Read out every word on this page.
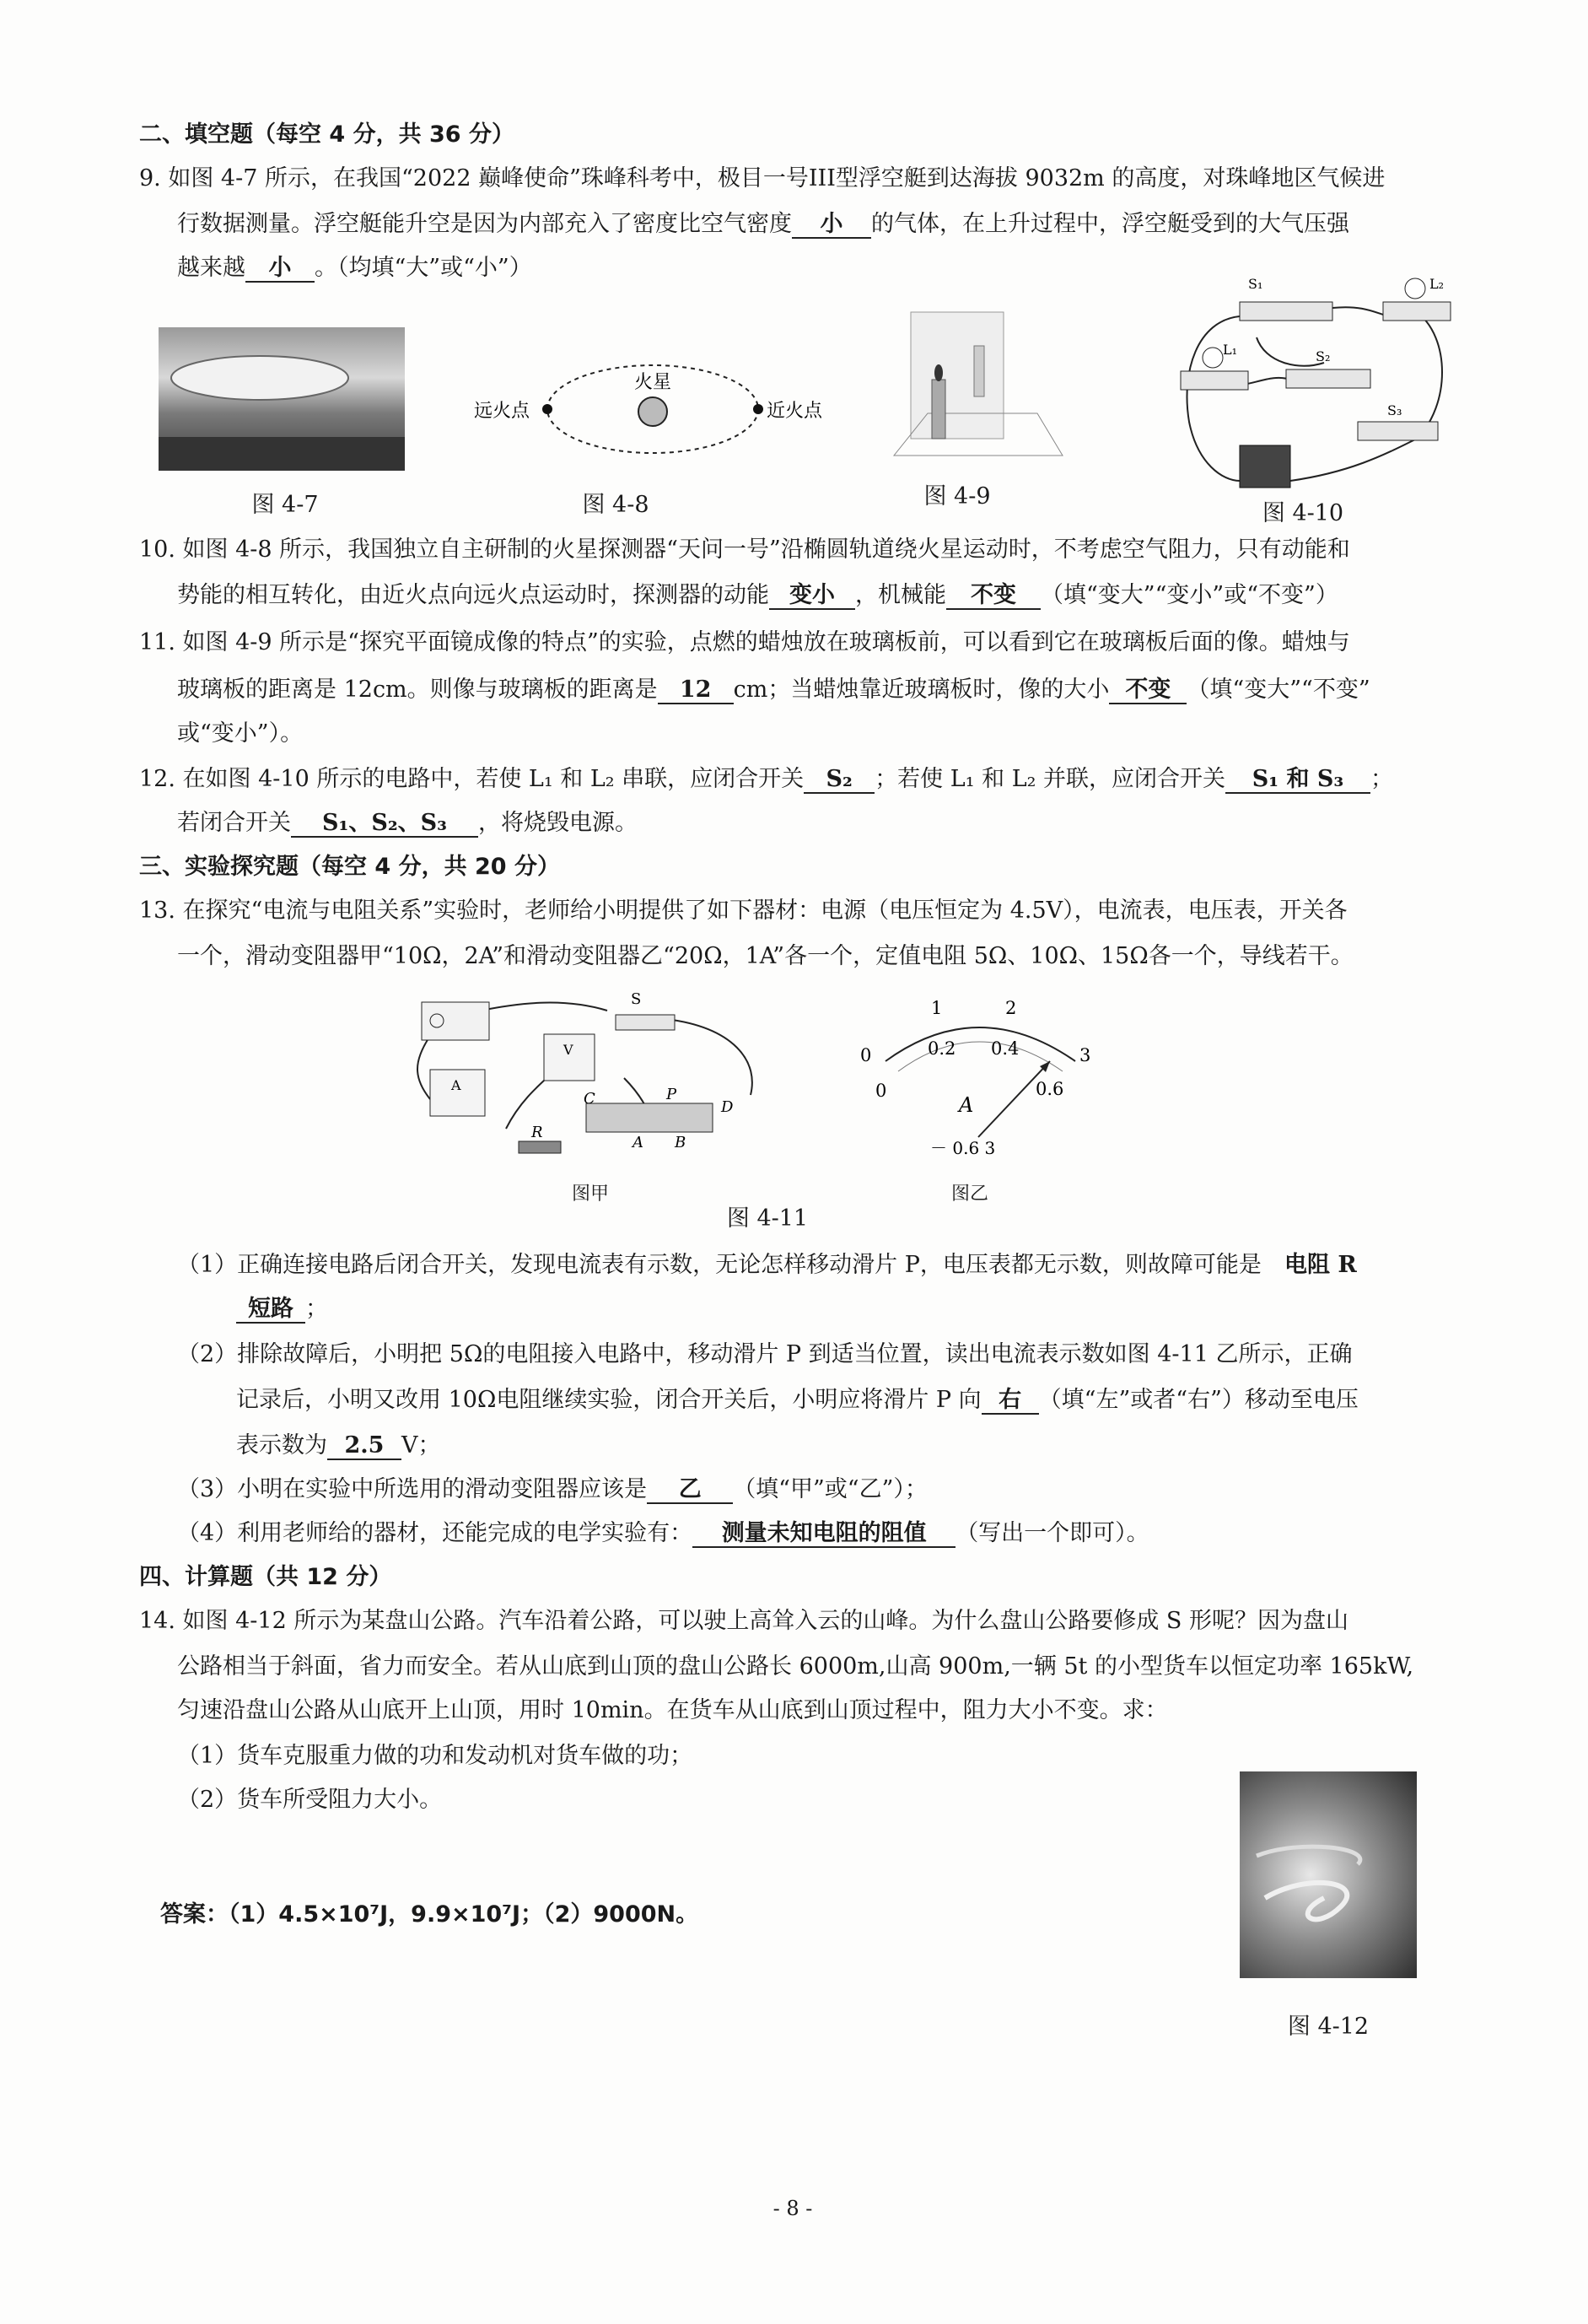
二、填空题（每空 4 分，共 36 分）
9. 如图 4-7 所示，在我国“2022 巅峰使命”珠峰科考中，极目一号III型浮空艇到达海拔 9032m 的高度，对珠峰地区气候进
行数据测量。浮空艇能升空是因为内部充入了密度比空气密度 小 的气体，在上升过程中，浮空艇受到的大气压强
越来越 小 。（均填“大”或“小”）
图 4-7
远火点	近火点
火星
图 4-8	图 4-9
S₁	L₂
L₁	S₂
S₃
图 4-10
10. 如图 4-8 所示，我国独立自主研制的火星探测器“天问一号”沿椭圆轨道绕火星运动时，不考虑空气阻力，只有动能和
势能的相互转化，由近火点向远火点运动时，探测器的动能 变小 ，机械能 不变 （填“变大”“变小”或“不变”）
11. 如图 4-9 所示是“探究平面镜成像的特点”的实验，点燃的蜡烛放在玻璃板前，可以看到它在玻璃板后面的像。蜡烛与
玻璃板的距离是 12cm。则像与玻璃板的距离是 12 cm；当蜡烛靠近玻璃板时，像的大小 不变 （填“变大”“不变”
或“变小”）。
12. 在如图 4-10 所示的电路中，若使 L₁ 和 L₂ 串联，应闭合开关 S₂ ；若使 L₁ 和 L₂ 并联，应闭合开关 S₁ 和 S₃ ；
若闭合开关 S₁、S₂、S₃ ，将烧毁电源。
三、实验探究题（每空 4 分，共 20 分）
13. 在探究“电流与电阻关系”实验时，老师给小明提供了如下器材：电源（电压恒定为 4.5V），电流表，电压表，开关各
一个，滑动变阻器甲“10Ω，2A”和滑动变阻器乙“20Ω，1A”各一个，定值电阻 5Ω、10Ω、15Ω各一个，导线若干。
S
P
C	D
A B
R
V
A
图甲
1	2
0	3
0
0.2 0.4
0.6
A
－ 0.6 3
图乙
图 4-11
（1）正确连接电路后闭合开关，发现电流表有示数，无论怎样移动滑片 P，电压表都无示数，则故障可能是 电阻 R
短路 ；
（2）排除故障后，小明把 5Ω的电阻接入电路中，移动滑片 P 到适当位置，读出电流表示数如图 4-11 乙所示，正确
记录后，小明又改用 10Ω电阻继续实验，闭合开关后，小明应将滑片 P 向 右 （填“左”或者“右”）移动至电压
表示数为 2.5 V；
（3）小明在实验中所选用的滑动变阻器应该是 乙 （填“甲”或“乙”）；
（4）利用老师给的器材，还能完成的电学实验有： 测量未知电阻的阻值 （写出一个即可）。
四、计算题（共 12 分）
14. 如图 4-12 所示为某盘山公路。汽车沿着公路，可以驶上高耸入云的山峰。为什么盘山公路要修成 S 形呢？因为盘山
公路相当于斜面，省力而安全。若从山底到山顶的盘山公路长 6000m,山高 900m,一辆 5t 的小型货车以恒定功率 165kW,
匀速沿盘山公路从山底开上山顶，用时 10min。在货车从山底到山顶过程中，阻力大小不变。求：
（1）货车克服重力做的功和发动机对货车做的功；
（2）货车所受阻力大小。
图 4-12
答案：（1）4.5×10⁷J，9.9×10⁷J；（2）9000N。
- 8 -
